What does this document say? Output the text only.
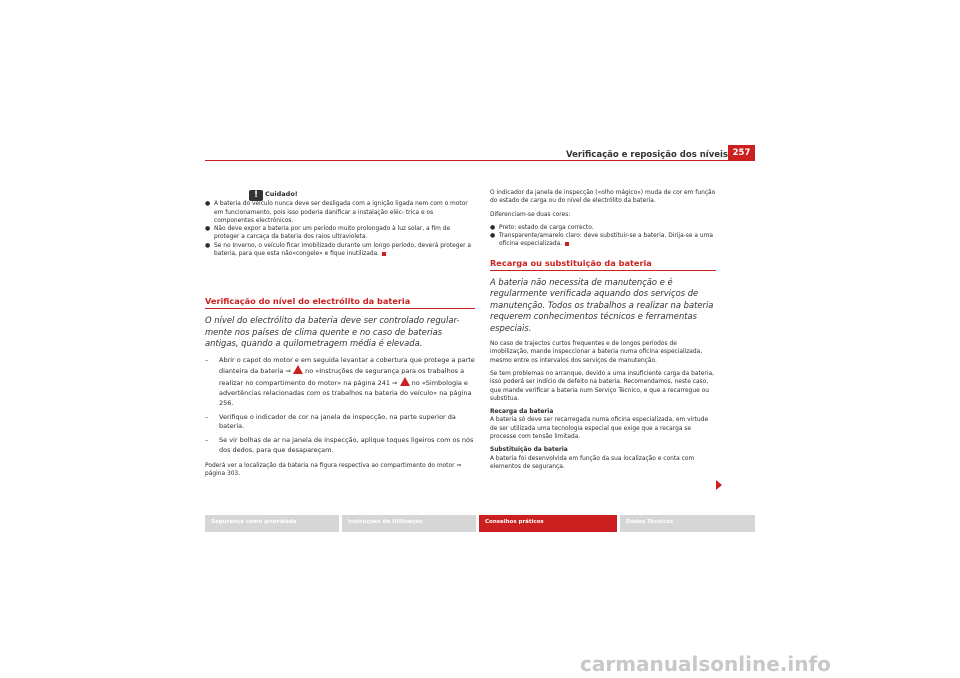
Verificação e reposição dos níveis 257
!	Cuidado!
● A bateria do veículo nunca deve ser desligada com a ignição ligada nem com o motor em funcionamento, pois isso poderia danificar a instalação eléc- trica e os componentes electrónicos.
● Não deve expor a bateria por um período muito prolongado à luz solar, a fim de proteger a carcaça da bateria dos raios ultravioleta.
● Se no Inverno, o veículo ficar imobilizado durante um longo período, deverá proteger a bateria, para que esta não«congele» e fique inutilizada.
Verificação do nível do electrólito da bateria
O nível do electrólito da bateria deve ser controlado regular- mente nos países de clima quente e no caso de baterias antigas, quando a quilometragem média é elevada.
–	Abrir o capot do motor e em seguida levantar a cobertura que protege a parte dianteira da bateria ⇒ no «Instruções de segurança para os trabalhos a realizar no compartimento do motor» na página 241 ⇒ no «Simbologia e advertências relacionadas com os trabalhos na bateria do veículo» na página 256.
–	Verifique o indicador de cor na janela de inspecção, na parte superior da bateria.
–	Se vir bolhas de ar na janela de inspecção, aplique toques ligeiros com os nós dos dedos, para que desapareçam.

Poderá ver a localização da bateria na figura respectiva ao compartimento do motor ⇒ página 303.

O indicador da janela de inspecção («olho mágico») muda de cor em função do estado de carga ou do nível de electrólito da bateria.

Diferenciam-se duas cores:

● Preto: estado de carga correcto.
● Transparente/amarelo claro: deve substituir-se a bateria. Dirija-se a uma oficina especializada.
Recarga ou substituição da bateria
A bateria não necessita de manutenção e é regularmente verificada aquando dos serviços de manutenção. Todos os trabalhos a realizar na bateria requerem conhecimentos técnicos e ferramentas especiais.

No caso de trajectos curtos frequentes e de longos períodos de imobilização, mande inspeccionar a bateria numa oficina especializada, mesmo entre os intervalos dos serviços de manutenção.

Se tem problemas no arranque, devido a uma insuficiente carga da bateria, isso poderá ser indício de defeito na bateria. Recomendamos, neste caso, que mande verificar a bateria num Serviço Técnico, e que a recarregue ou substitua.

Recarga da bateria

A bateria só deve ser recarregada numa oficina especializada, em virtude de ser utilizada uma tecnologia especial que exige que a recarga se processe com tensão limitada.

Substituição da bateria

A bateria foi desenvolvida em função da sua localização e conta com elementos de segurança.

Segurança como prioridade	Instruções de Utilização	Conselhos práticos	Dados Técnicos
carmanualsonline.info
